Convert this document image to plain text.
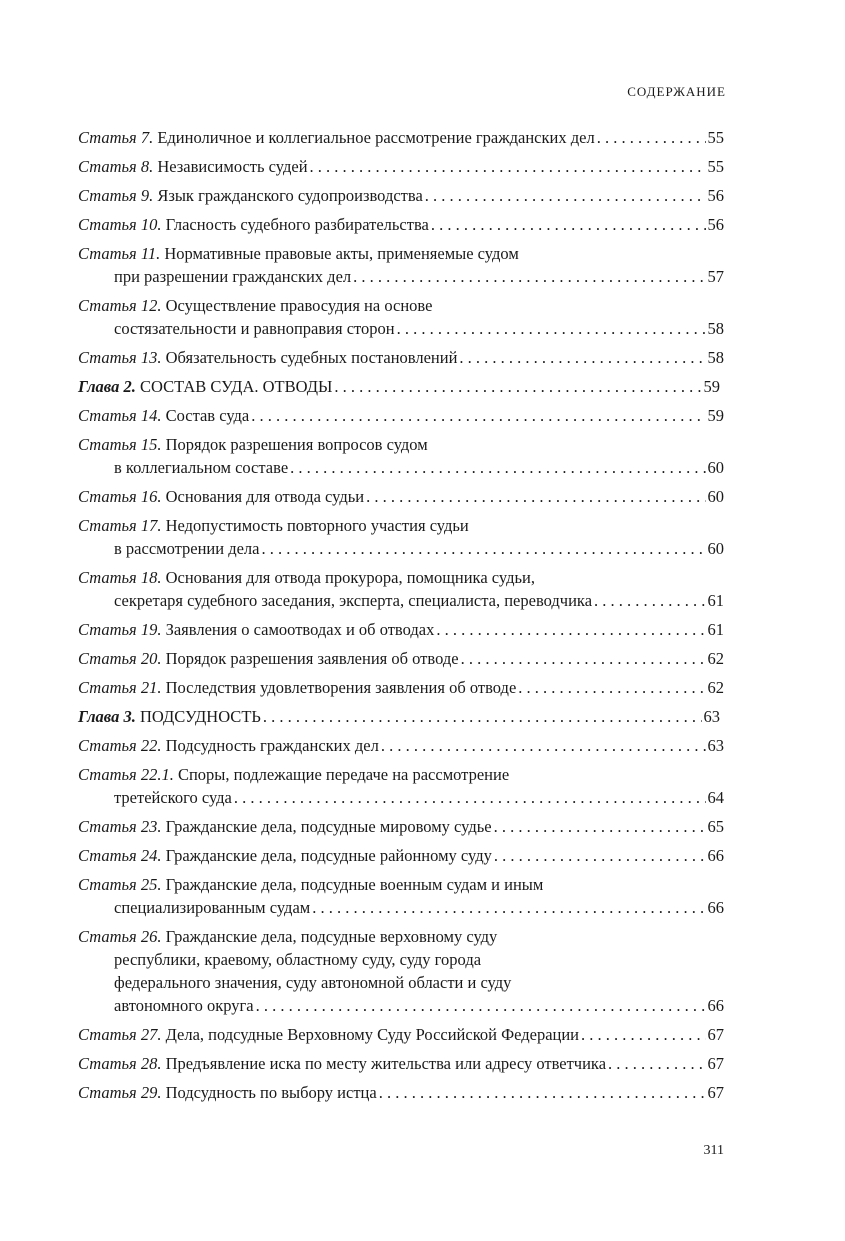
СОДЕРЖАНИЕ
Статья 7.
Единоличное и коллегиальное рассмотрение гражданских дел . . .	55
Статья 8.
Независимость судей . . .	55
Статья 9.
Язык гражданского судопроизводства . . .	56
Статья 10.
Гласность судебного разбирательства . . .	56
Статья 11.
Нормативные правовые акты, применяемые судом
при разрешении гражданских дел . . .	57
Статья 12.
Осуществление правосудия на основе
состязательности и равноправия сторон . . .	58
Статья 13.
Обязательность судебных постановлений . . .	58
Глава 2.
СОСТАВ СУДА. ОТВОДЫ . . .	59
Статья 14.
Состав суда . . .	59
Статья 15.
Порядок разрешения вопросов судом
в коллегиальном составе . . .	60
Статья 16.
Основания для отвода судьи . . .	60
Статья 17.
Недопустимость повторного участия судьи
в рассмотрении дела . . .	60
Статья 18.
Основания для отвода прокурора, помощника судьи,
секретаря судебного заседания, эксперта, специалиста, переводчика . . .	61
Статья 19.
Заявления о самоотводах и об отводах . . .	61
Статья 20.
Порядок разрешения заявления об отводе . . .	62
Статья 21.
Последствия удовлетворения заявления об отводе . . .	62
Глава 3.
ПОДСУДНОСТЬ . . .	63
Статья 22.
Подсудность гражданских дел . . .	63
Статья 22.1.
Споры, подлежащие передаче на рассмотрение
третейского суда . . .	64
Статья 23.
Гражданские дела, подсудные мировому судье . . .	65
Статья 24.
Гражданские дела, подсудные районному суду . . .	66
Статья 25.
Гражданские дела, подсудные военным судам и иным
специализированным судам . . .	66
Статья 26.
Гражданские дела, подсудные верховному суду
республики, краевому, областному суду, суду города
федерального значения, суду автономной области и суду
автономного округа . . .	66
Статья 27.
Дела, подсудные Верховному Суду Российской Федерации . . .	67
Статья 28.
Предъявление иска по месту жительства или адресу ответчика . . .	67
Статья 29.
Подсудность по выбору истца . . .	67
311
